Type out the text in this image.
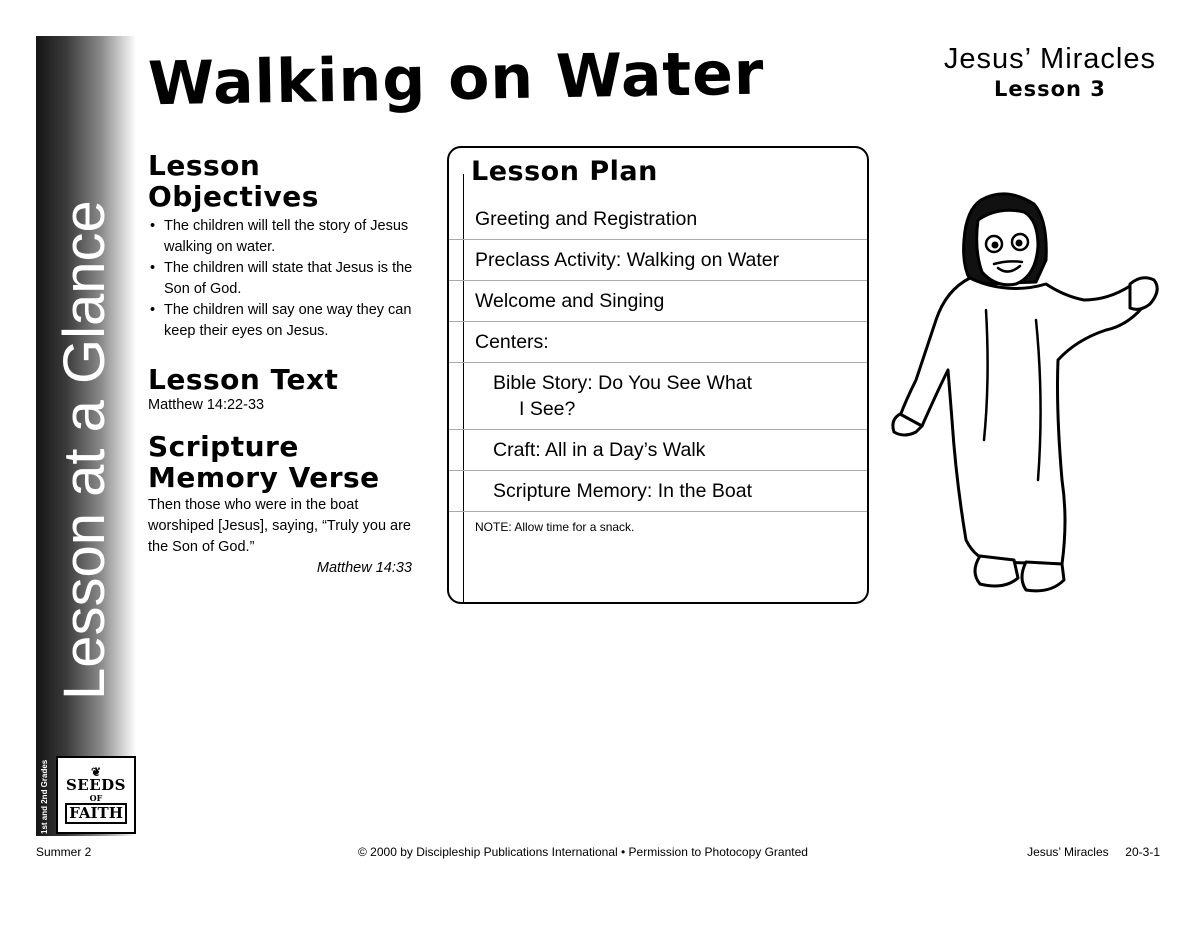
Lesson at a Glance
1st and 2nd Grades	❦
SEEDS
OF
FAITH
Walking on Water	Jesus’ Miracles
Lesson 3
Lesson
Objectives
• The children will tell the story of Jesus walking on water.
• The children will state that Jesus is the Son of God.
• The children will say one way they can keep their eyes on Jesus.
Lesson Text
Matthew 14:22-33
Scripture
Memory Verse
Then those who were in the boat worshiped [Jesus], saying, “Truly you are the Son of God.”
Matthew 14:33
Lesson Plan
Greeting and Registration
Preclass Activity: Walking on Water
Welcome and Singing
Centers:
Bible Story: Do You See What
I See?
Craft: All in a Day’s Walk
Scripture Memory: In the Boat
NOTE: Allow time for a snack.
Summer 2	© 2000 by Discipleship Publications International • Permission to Photocopy Granted	Jesus’ Miracles     20-3-1
